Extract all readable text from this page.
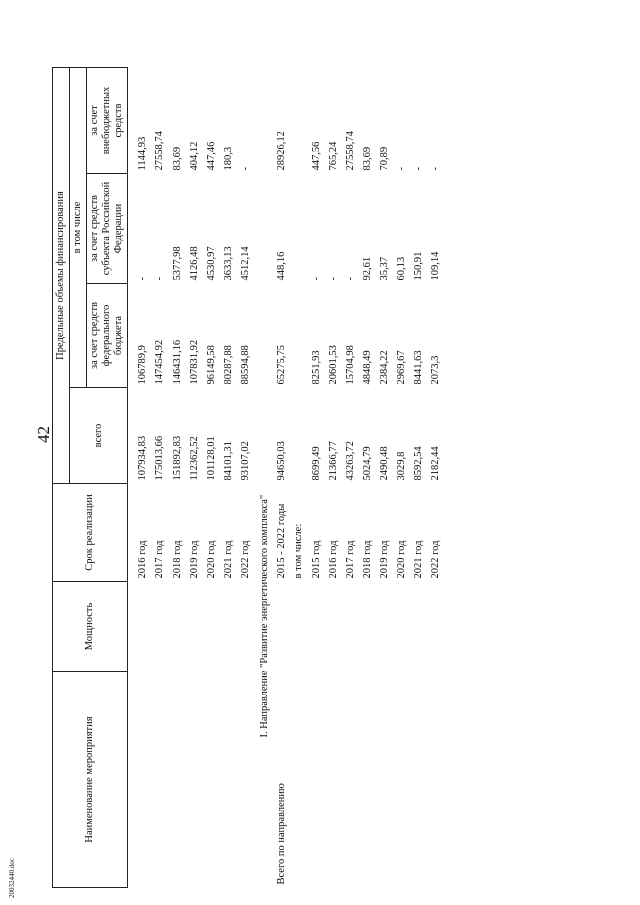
42
20032440.doc
Наименование мероприятия	Мощность	Срок реализации	Предельные объемы финансирования			
			всего	в том числе		
				за счет средств федерального бюджета	за счет средств субъекта Российской Федерации	за счет внебюджетных средств

		2016 год	107934,83	106789,9	-	1144,93
		2017 год	175013,66	147454,92	-	27558,74
		2018 год	151892,83	146431,16	5377,98	83,69
		2019 год	112362,52	107831,92	4126,48	404,12
		2020 год	101128,01	96149,58	4530,97	447,46
		2021 год	84101,31	80287,88	3633,13	180,3
		2022 год	93107,02	88594,88	4512,14	-
I. Направление "Развитие энергетического комплекса"						
Всего по направлению		2015 - 2022 годы	94650,03	65275,75	448,16	28926,12
		в том числе:				
		2015 год	8699,49	8251,93	-	447,56
		2016 год	21366,77	20601,53	-	765,24
		2017 год	43263,72	15704,98	-	27558,74
		2018 год	5024,79	4848,49	92,61	83,69
		2019 год	2490,48	2384,22	35,37	70,89
		2020 год	3029,8	2969,67	60,13	-
		2021 год	8592,54	8441,63	150,91	-
		2022 год	2182,44	2073,3	109,14	-
